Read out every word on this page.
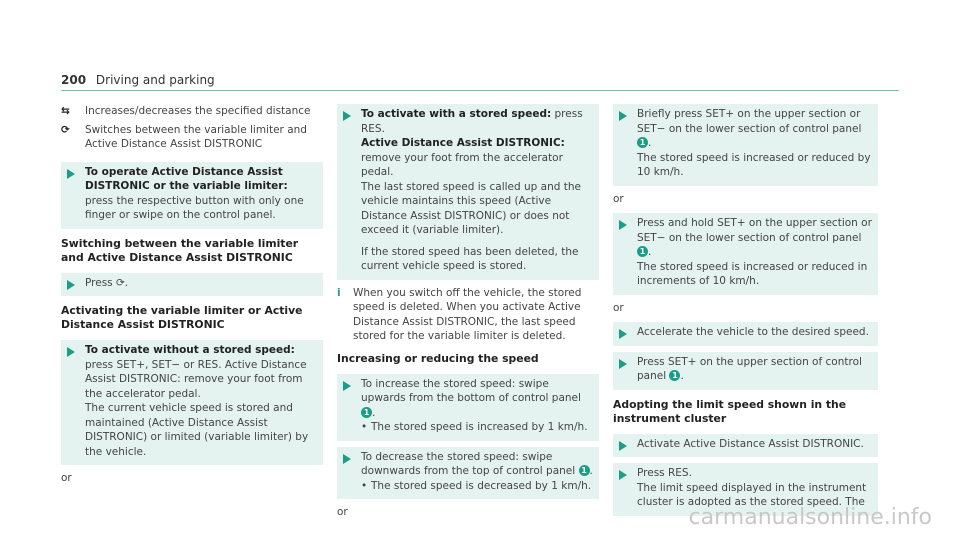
200 Driving and parking
⇆	Increases/decreases the specified distance
⟳	Switches between the variable limiter and Active Distance Assist DISTRONIC
To operate Active Distance Assist DISTRONIC or the variable limiter: press the respective button with only one finger or swipe on the control panel.
Switching between the variable limiter and Active Distance Assist DISTRONIC
Press ⟳.
Activating the variable limiter or Active Distance Assist DISTRONIC
To activate without a stored speed: press SET+, SET− or RES. Active Distance Assist DISTRONIC: remove your foot from the accelerator pedal.
The current vehicle speed is stored and maintained (Active Distance Assist DISTRONIC) or limited (variable limiter) by the vehicle.
or
To activate with a stored speed: press RES.
Active Distance Assist DISTRONIC: remove your foot from the accelerator pedal.
The last stored speed is called up and the vehicle maintains this speed (Active Distance Assist DISTRONIC) or does not exceed it (variable limiter).
If the stored speed has been deleted, the current vehicle speed is stored.
i	When you switch off the vehicle, the stored speed is deleted. When you activate Active Distance Assist DISTRONIC, the last speed stored for the variable limiter is deleted.
Increasing or reducing the speed
To increase the stored speed: swipe upwards from the bottom of control panel 1 .
• The stored speed is increased by 1 km/h.
To decrease the stored speed: swipe downwards from the top of control panel 1 .
• The stored speed is decreased by 1 km/h.
or
Briefly press SET+ on the upper section or SET− on the lower section of control panel 1 .
The stored speed is increased or reduced by 10 km/h.
or
Press and hold SET+ on the upper section or SET− on the lower section of control panel 1 .
The stored speed is increased or reduced in increments of 10 km/h.
or
Accelerate the vehicle to the desired speed.
Press SET+ on the upper section of control panel 1 .
Adopting the limit speed shown in the instrument cluster
Activate Active Distance Assist DISTRONIC.
Press RES.
The limit speed displayed in the instrument cluster is adopted as the stored speed. The
carmanualsonline.info
